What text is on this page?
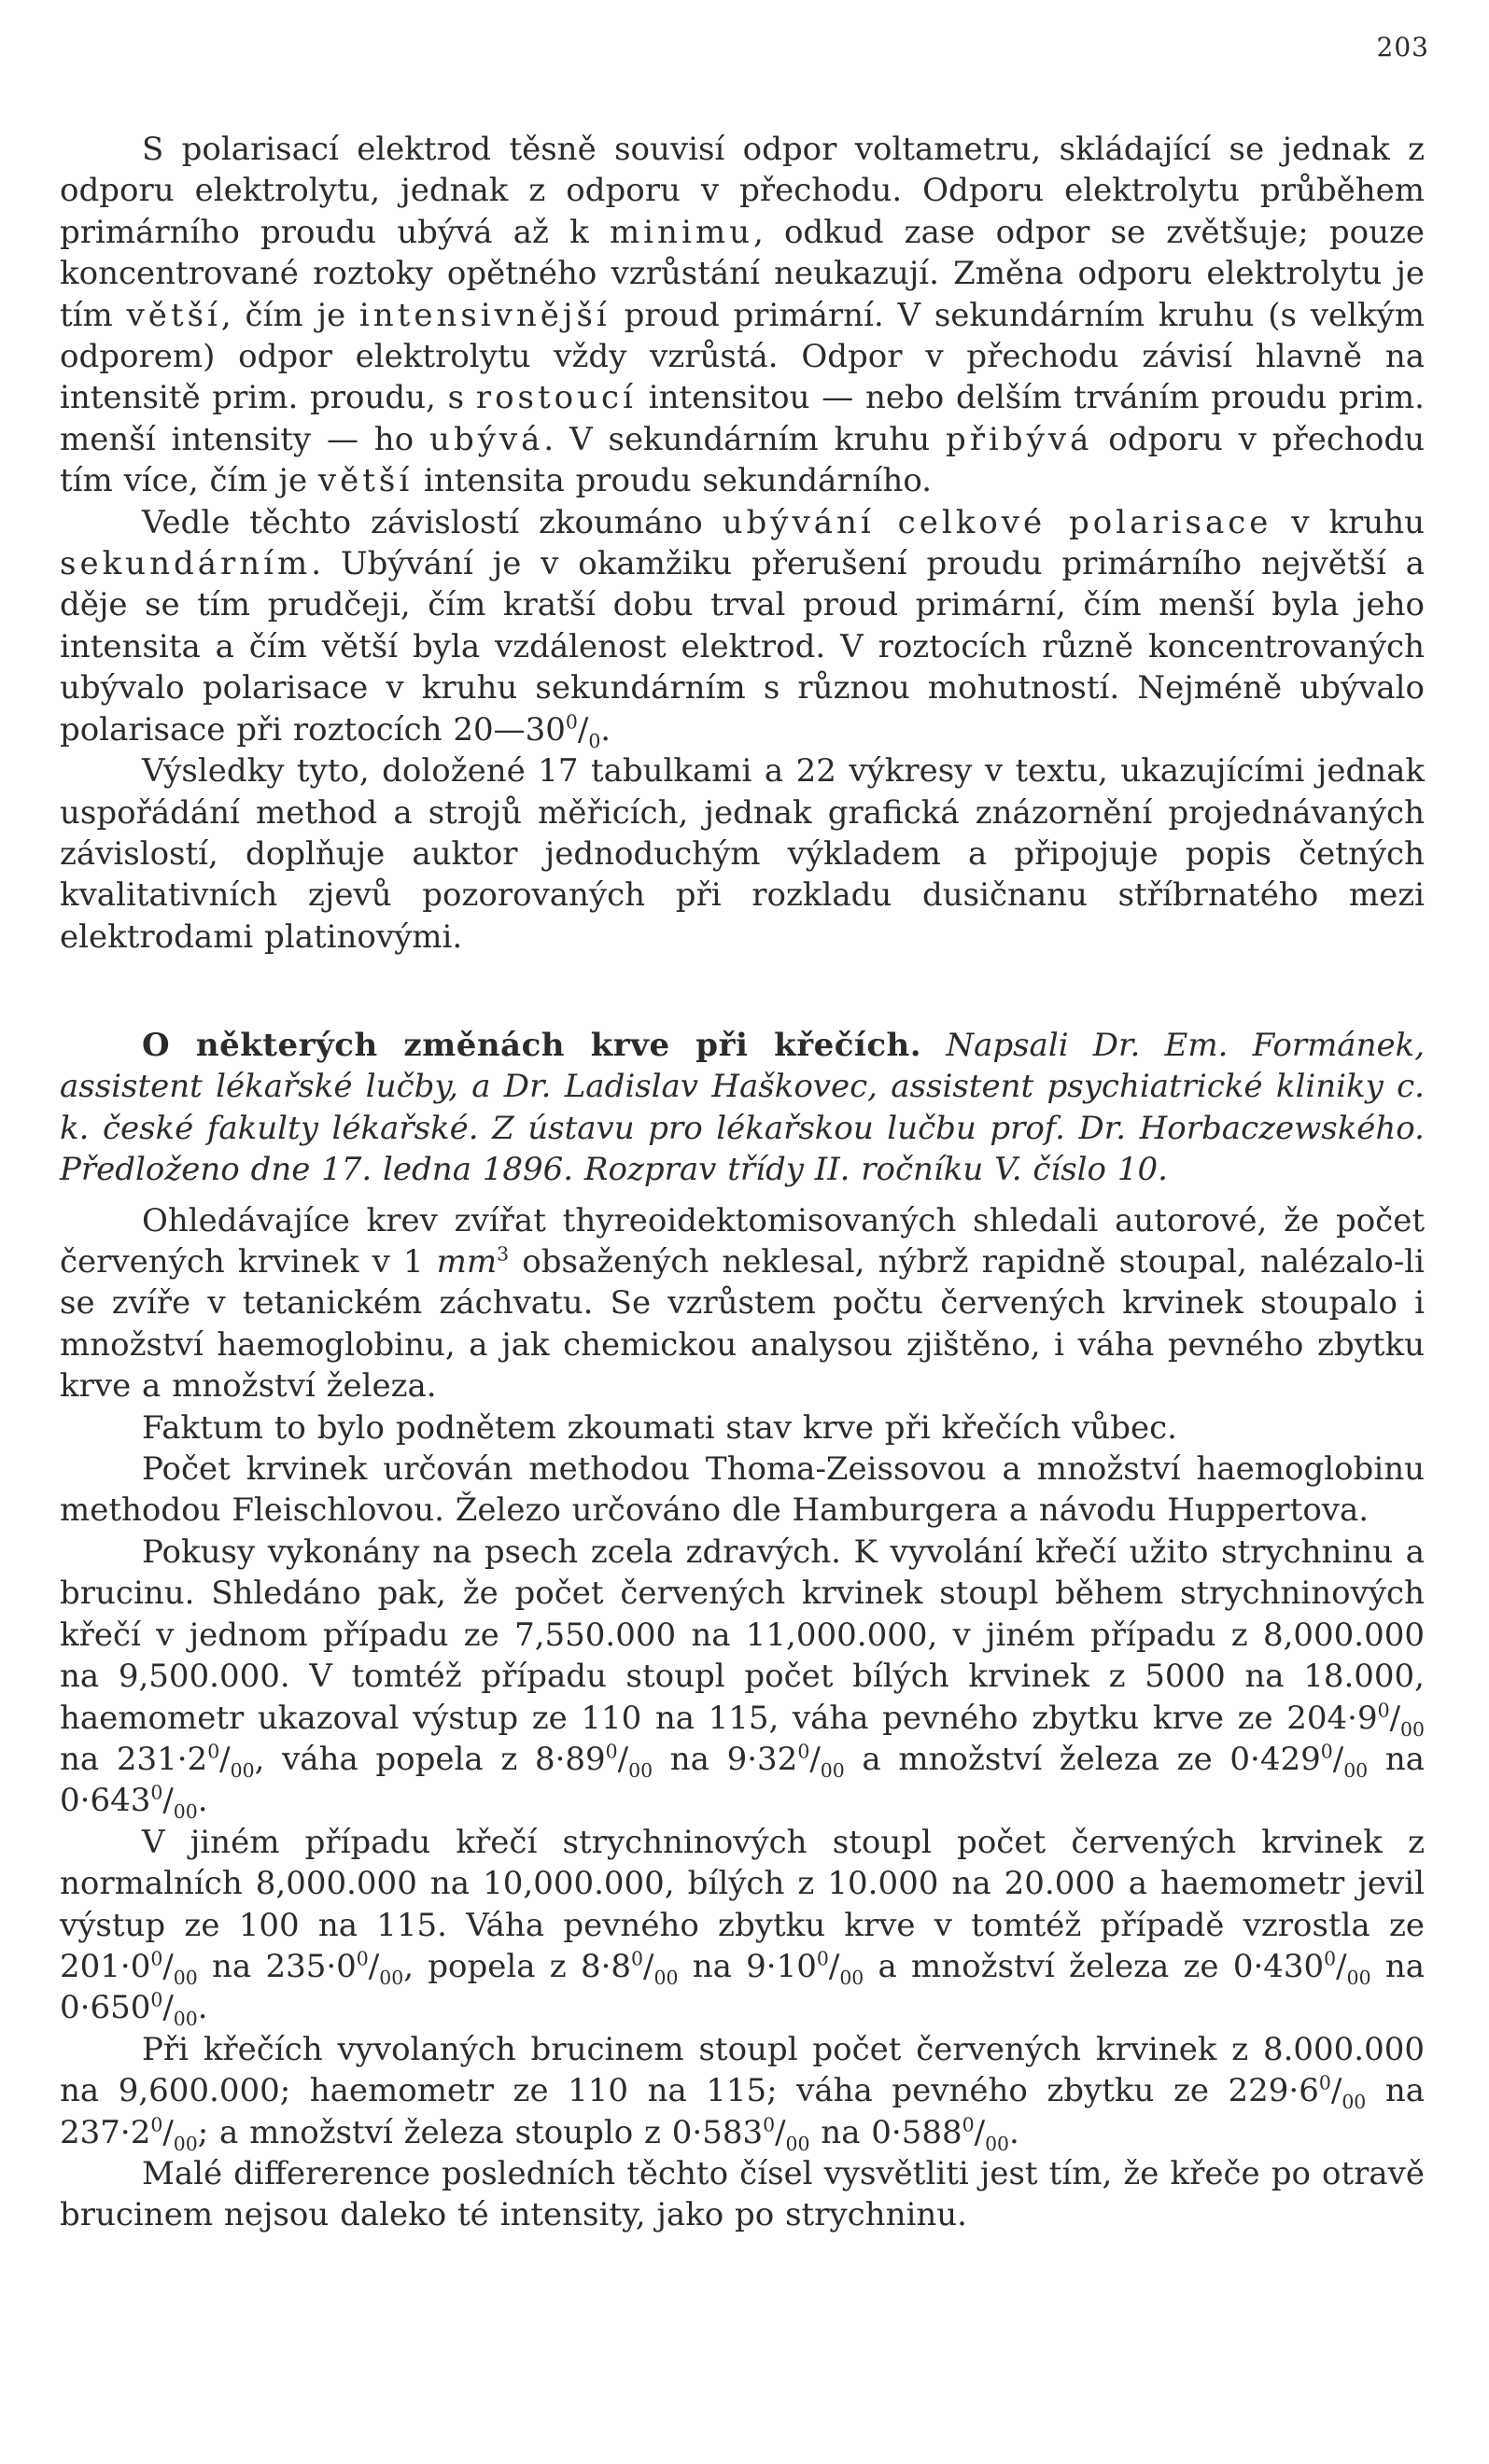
203

S polarisací elektrod těsně souvisí odpor voltametru, skládající se jednak z odporu elektrolytu, jednak z odporu v přechodu. Odporu elektrolytu průběhem primárního proudu ubývá až k minimu, odkud zase odpor se zvětšuje; pouze koncentrované roztoky opětného vzrůstání neukazují. Změna odporu elektrolytu je tím větší, čím je intensivnější proud primární. V sekundárním kruhu (s velkým odporem) odpor elektrolytu vždy vzrůstá. Odpor v přechodu závisí hlavně na intensitě prim. proudu, s rostoucí intensitou — nebo delším trváním proudu prim. menší intensity — ho ubývá. V sekundárním kruhu přibývá odporu v přechodu tím více, čím je větší intensita proudu sekundárního.

Vedle těchto závislostí zkoumáno ubývání celkové polarisace v kruhu sekundárním. Ubývání je v okamžiku přerušení proudu primárního největší a děje se tím prudčeji, čím kratší dobu trval proud primární, čím menší byla jeho intensita a čím větší byla vzdálenost elektrod. V roztocích různě koncentrovaných ubývalo polarisace v kruhu sekundárním s různou mohutností. Nejméně ubývalo polarisace při roztocích $20—30^0/_0$.

Výsledky tyto, doložené 17 tabulkami a 22 výkresy v textu, ukazujícími jednak uspořádání method a strojů měřicích, jednak grafická znázornění projednávaných závislostí, doplňuje auktor jednoduchým výkladem a připojuje popis četných kvalitativních zjevů pozorovaných při rozkladu dusičnanu stříbrnatého mezi elektrodami platinovými.

O některých změnách krve při křečích. Napsali Dr. Em. Formánek, assistent lékařské lučby, a Dr. Ladislav Haškovec, assistent psychiatrické kliniky c. k. české fakulty lékařské. Z ústavu pro lékařskou lučbu prof. Dr. Horbaczewského. Předloženo dne 17. ledna 1896. Rozprav třídy II. ročníku V. číslo 10.

Ohledávajíce krev zvířat thyreoidektomisovaných shledali autorové, že počet červených krvinek v 1 $mm^3$ obsažených neklesal, nýbrž rapidně stoupal, nalézalo-li se zvíře v tetanickém záchvatu. Se vzrůstem počtu červených krvinek stoupalo i množství haemoglobinu, a jak chemickou analysou zjištěno, i váha pevného zbytku krve a množství železa.

Faktum to bylo podnětem zkoumati stav krve při křečích vůbec.

Počet krvinek určován methodou Thoma-Zeissovou a množství haemoglobinu methodou Fleischlovou. Železo určováno dle Hamburgera a návodu Huppertova.

Pokusy vykonány na psech zcela zdravých. K vyvolání křečí užito strychninu a brucinu. Shledáno pak, že počet červených krvinek stoupl během strychninových křečí v jednom případu ze 7,550.000 na 11,000.000, v jiném případu z 8,000.000 na 9,500.000. V tomtéž případu stoupl počet bílých krvinek z 5000 na 18.000, haemometr ukazoval výstup ze 110 na 115, váha pevného zbytku krve ze $204\cdot 9^0/_{00}$ na $231\cdot 2^0/_{00}$, váha popela z $8\cdot 89^0/_{00}$ na $9\cdot 32^0/_{00}$ a množství železa ze $0\cdot 429^0/_{00}$ na $0\cdot 643^0/_{00}$.

V jiném případu křečí strychninových stoupl počet červených krvinek z normalních 8,000.000 na 10,000.000, bílých z 10.000 na 20.000 a haemometr jevil výstup ze 100 na 115. Váha pevného zbytku krve v tomtéž případě vzrostla ze $201\cdot 0^0/_{00}$ na $235\cdot 0^0/_{00}$, popela z $8\cdot 8^0/_{00}$ na $9\cdot 10^0/_{00}$ a množství železa ze $0\cdot 430^0/_{00}$ na $0\cdot 650^0/_{00}$.

Při křečích vyvolaných brucinem stoupl počet červených krvinek z 8.000.000 na 9,600.000; haemometr ze 110 na 115; váha pevného zbytku ze $229\cdot 6^0/_{00}$ na $237\cdot 2^0/_{00}$; a množství železa stouplo z $0\cdot 583^0/_{00}$ na $0\cdot 588^0/_{00}$.

Malé differerence posledních těchto čísel vysvětliti jest tím, že křeče po otravě brucinem nejsou daleko té intensity, jako po strychninu.
